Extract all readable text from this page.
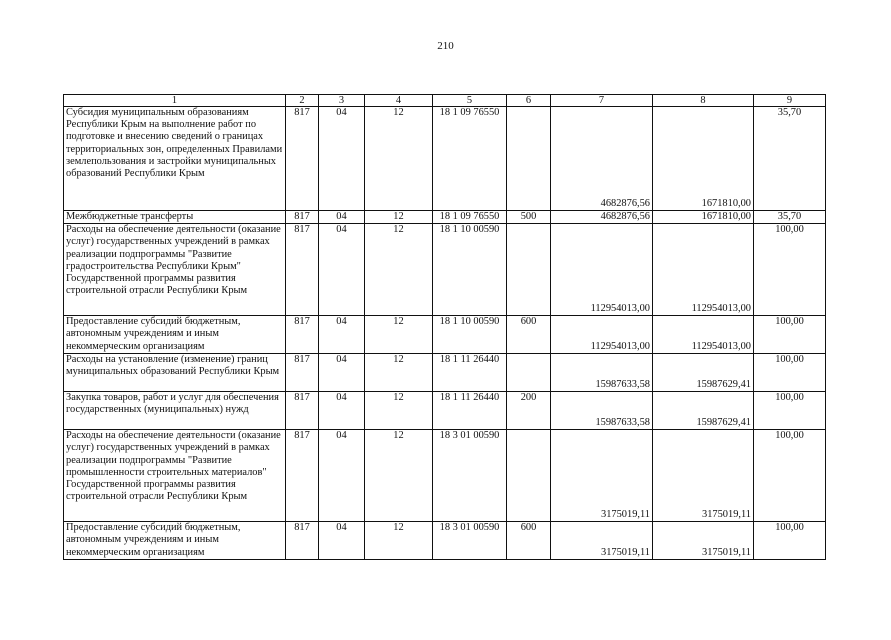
210
1	2	3	4	5	6	7	8	9
Субсидия муниципальным образованиям Республики Крым на выполнение работ по подготовке и внесению сведений о границах территориальных зон, определенных Правилами землепользования и застройки муниципальных образований Республики Крым	817	04	12	18 1 09 76550		4682876,56	1671810,00	35,70
Межбюджетные трансферты	817	04	12	18 1 09 76550	500	4682876,56	1671810,00	35,70
Расходы на обеспечение деятельности (оказание услуг) государственных учреждений в рамках реализации подпрограммы "Развитие градостроительства Республики Крым" Государственной программы развития строительной отрасли Республики Крым	817	04	12	18 1 10 00590		112954013,00	112954013,00	100,00
Предоставление субсидий бюджетным, автономным учреждениям и иным некоммерческим организациям	817	04	12	18 1 10 00590	600	112954013,00	112954013,00	100,00
Расходы на установление (изменение) границ муниципальных образований Республики Крым	817	04	12	18 1 11 26440		15987633,58	15987629,41	100,00
Закупка товаров, работ и услуг для обеспечения государственных (муниципальных) нужд	817	04	12	18 1 11 26440	200	15987633,58	15987629,41	100,00
Расходы на обеспечение деятельности (оказание услуг) государственных учреждений в рамках реализации подпрограммы "Развитие промышленности строительных материалов" Государственной программы развития строительной отрасли Республики Крым	817	04	12	18 3 01 00590		3175019,11	3175019,11	100,00
Предоставление субсидий бюджетным, автономным учреждениям и иным некоммерческим организациям	817	04	12	18 3 01 00590	600	3175019,11	3175019,11	100,00
